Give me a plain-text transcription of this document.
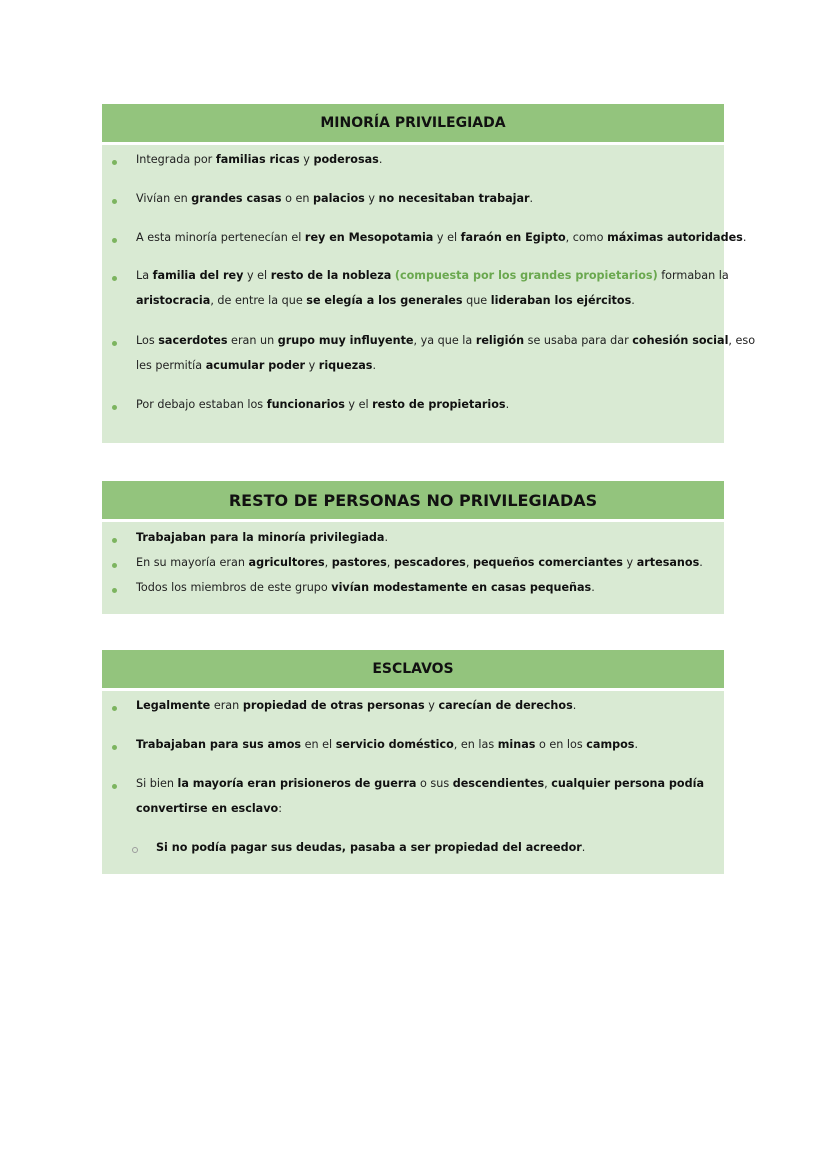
MINORÍA PRIVILEGIADA
Integrada por familias ricas y poderosas.
Vivían en grandes casas o en palacios y no necesitaban trabajar.
A esta minoría pertenecían el rey en Mesopotamia y el faraón en Egipto, como máximas autoridades.
La familia del rey y el resto de la nobleza (compuesta por los grandes propietarios) formaban la
aristocracia, de entre la que se elegía a los generales que lideraban los ejércitos.
Los sacerdotes eran un grupo muy influyente, ya que la religión se usaba para dar cohesión social, eso
les permitía acumular poder y riquezas.
Por debajo estaban los funcionarios y el resto de propietarios.
RESTO DE PERSONAS NO PRIVILEGIADAS
Trabajaban para la minoría privilegiada.
En su mayoría eran agricultores, pastores, pescadores, pequeños comerciantes y artesanos.
Todos los miembros de este grupo vivían modestamente en casas pequeñas.
ESCLAVOS
Legalmente eran propiedad de otras personas y carecían de derechos.
Trabajaban para sus amos en el servicio doméstico, en las minas o en los campos.
Si bien la mayoría eran prisioneros de guerra o sus descendientes, cualquier persona podía
convertirse en esclavo:
Si no podía pagar sus deudas, pasaba a ser propiedad del acreedor.
